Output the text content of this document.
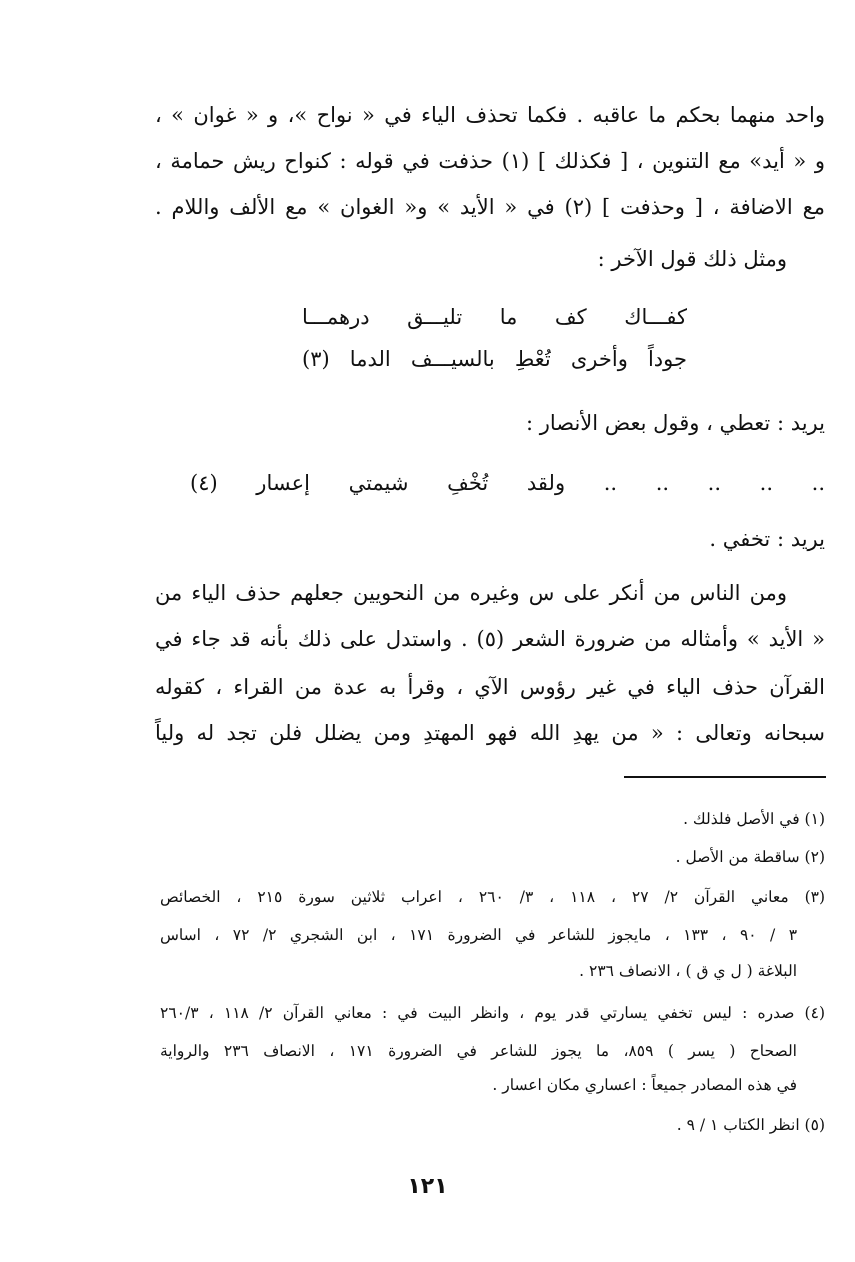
واحد منهما بحكم ما عاقبه . فكما تحذف الياء في « نواح »، و « غوان » ،
و « أيد» مع التنوين ، [ فكذلك ] (١) حذفت في قوله : كنواح ريش حمامة ،
مع الاضافة ، [ وحذفت ] (٢) في « الأيد » و« الغوان » مع الألف واللام .
ومثل ذلك قول الآخر :
كفـــاك كف ما تليـــق درهمـــا
جوداً وأخرى تُعْطِ بالسيـــف الدما (٣)
يريد : تعطي ، وقول بعض الأنصار :
.. .. .. .. .. ولقد تُخْفِ شيمتي إعسار (٤)
يريد : تخفي .
ومن الناس من أنكر على س وغيره من النحويين جعلهم حذف الياء من
« الأيد » وأمثاله من ضرورة الشعر (٥) . واستدل على ذلك بأنه قد جاء في
القرآن حذف الياء في غير رؤوس الآي ، وقرأ به عدة من القراء ، كقوله
سبحانه وتعالى : « من يهدِ الله فهو المهتدِ ومن يضلل فلن تجد له ولياً
(١) في الأصل فلذلك .
(٢) ساقطة من الأصل .
(٣) معاني القرآن ٢/ ٢٧ ، ١١٨ ، ٣/ ٢٦٠ ، اعراب ثلاثين سورة ٢١٥ ، الخصائص
٣ / ٩٠ ، ١٣٣ ، مايجوز للشاعر في الضرورة ١٧١ ، ابن الشجري ٢/ ٧٢ ، اساس
البلاغة ( ل ي ق ) ، الانصاف ٢٣٦ .
(٤) صدره : ليس تخفي يسارتي قدر يوم ، وانظر البيت في : معاني القرآن ٢/ ١١٨ ، ٢٦٠/٣
الصحاح ( يسر ) ٨٥٩، ما يجوز للشاعر في الضرورة ١٧١ ، الانصاف ٢٣٦ والرواية
في هذه المصادر جميعاً : اعساري مكان اعسار .
(٥) انظر الكتاب ١ / ٩ .
١٢١
